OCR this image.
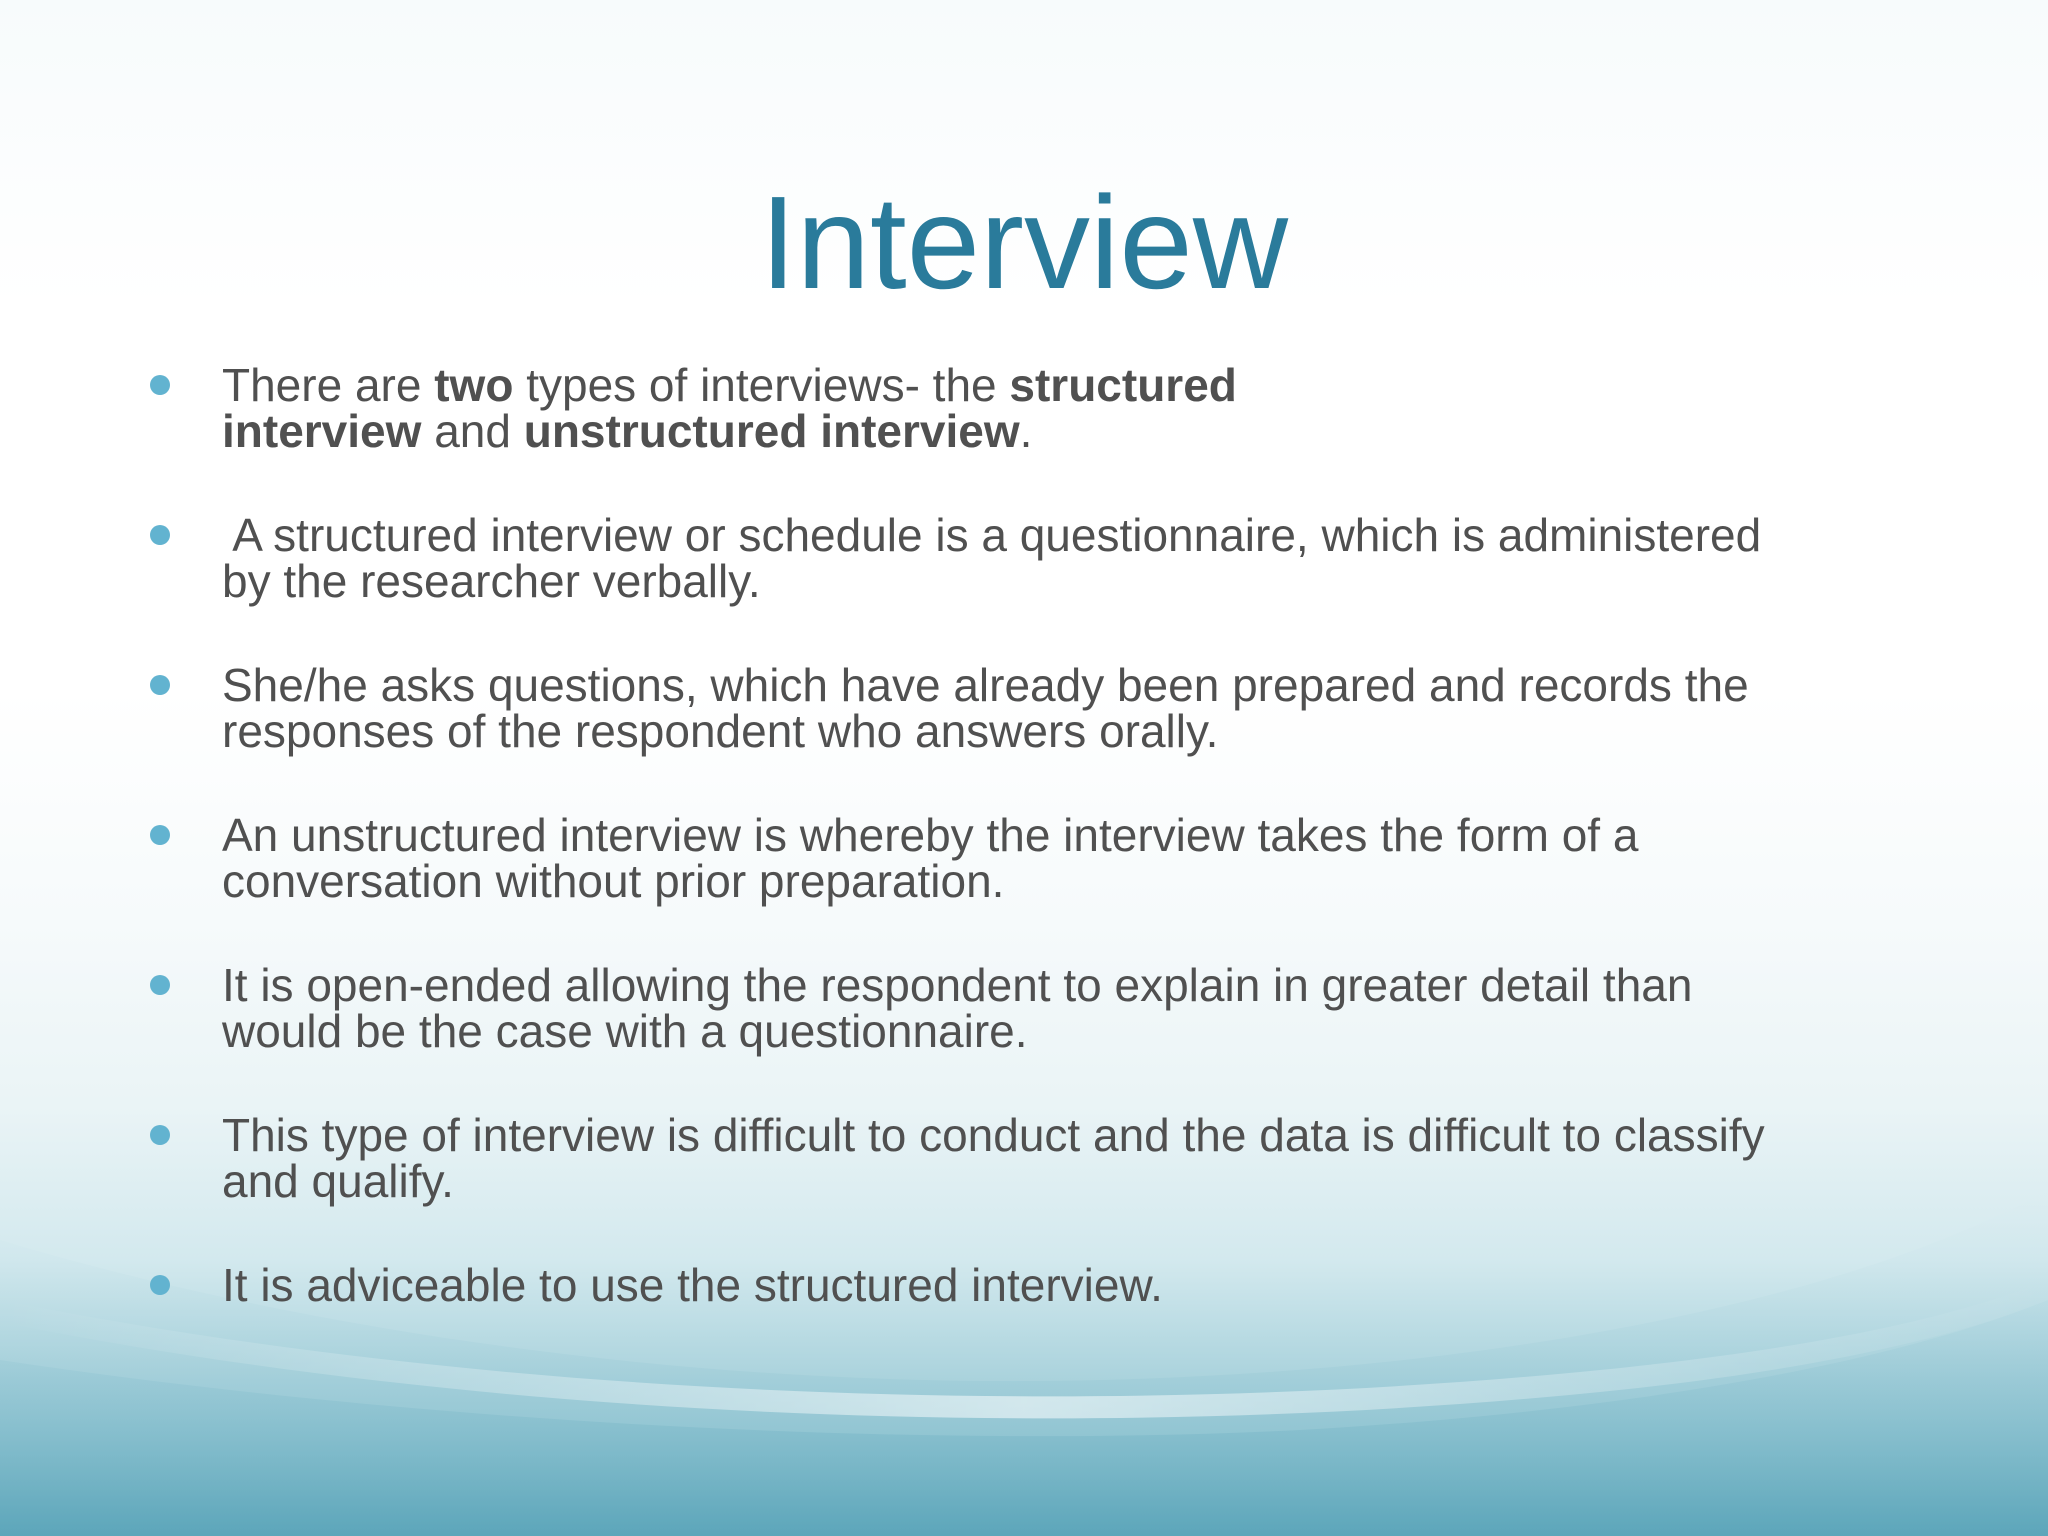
Interview
There are two types of interviews- the structured
interview and unstructured interview.
A structured interview or schedule is a questionnaire, which is administered
by the researcher verbally.
She/he asks questions, which have already been prepared and records the
responses of the respondent who answers orally.
An unstructured interview is whereby the interview takes the form of a
conversation without prior preparation.
It is open-ended allowing the respondent to explain in greater detail than
would be the case with a questionnaire.
This type of interview is difficult to conduct and the data is difficult to classify
and qualify.
It is adviceable to use the structured interview.
